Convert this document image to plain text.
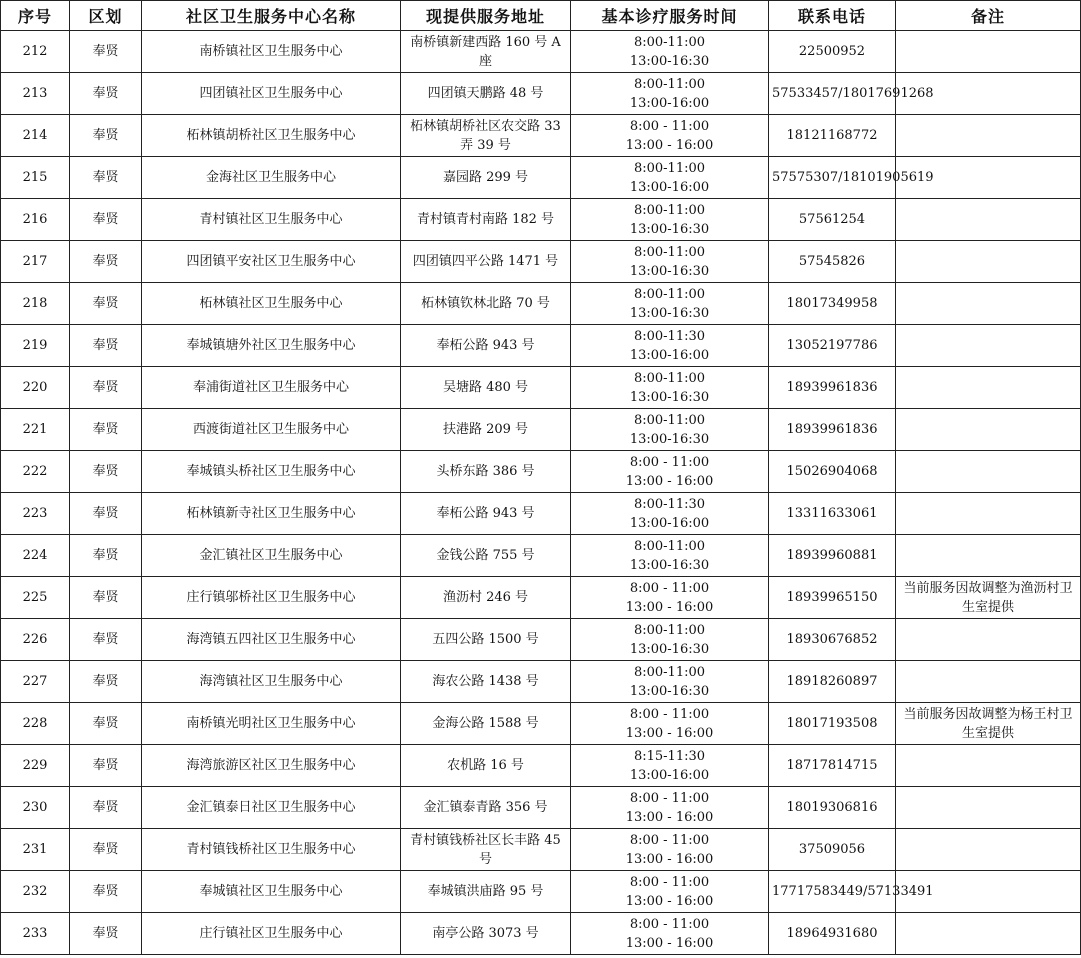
序号	区划	社区卫生服务中心名称	现提供服务地址	基本诊疗服务时间	联系电话	备注
212	奉贤	南桥镇社区卫生服务中心	南桥镇新建西路 160 号 A 座	8:00-11:00
13:00-16:30	22500952	
213	奉贤	四团镇社区卫生服务中心	四团镇天鹏路 48 号	8:00-11:00
13:00-16:00	57533457/18017691268	
214	奉贤	柘林镇胡桥社区卫生服务中心	柘林镇胡桥社区农交路 33 弄 39 号	8:00 - 11:00
13:00 - 16:00	18121168772	
215	奉贤	金海社区卫生服务中心	嘉园路 299 号	8:00-11:00
13:00-16:00	57575307/18101905619	
216	奉贤	青村镇社区卫生服务中心	青村镇青村南路 182 号	8:00-11:00
13:00-16:30	57561254	
217	奉贤	四团镇平安社区卫生服务中心	四团镇四平公路 1471 号	8:00-11:00
13:00-16:30	57545826	
218	奉贤	柘林镇社区卫生服务中心	柘林镇钦林北路 70 号	8:00-11:00
13:00-16:30	18017349958	
219	奉贤	奉城镇塘外社区卫生服务中心	奉柘公路 943 号	8:00-11:30
13:00-16:00	13052197786	
220	奉贤	奉浦街道社区卫生服务中心	吴塘路 480 号	8:00-11:00
13:00-16:30	18939961836	
221	奉贤	西渡街道社区卫生服务中心	扶港路 209 号	8:00-11:00
13:00-16:30	18939961836	
222	奉贤	奉城镇头桥社区卫生服务中心	头桥东路 386 号	8:00 - 11:00
13:00 - 16:00	15026904068	
223	奉贤	柘林镇新寺社区卫生服务中心	奉柘公路 943 号	8:00-11:30
13:00-16:00	13311633061	
224	奉贤	金汇镇社区卫生服务中心	金钱公路 755 号	8:00-11:00
13:00-16:30	18939960881	
225	奉贤	庄行镇邬桥社区卫生服务中心	渔沥村 246 号	8:00 - 11:00
13:00 - 16:00	18939965150	当前服务因故调整为渔沥村卫生室提供
226	奉贤	海湾镇五四社区卫生服务中心	五四公路 1500 号	8:00-11:00
13:00-16:30	18930676852	
227	奉贤	海湾镇社区卫生服务中心	海农公路 1438 号	8:00-11:00
13:00-16:30	18918260897	
228	奉贤	南桥镇光明社区卫生服务中心	金海公路 1588 号	8:00 - 11:00
13:00 - 16:00	18017193508	当前服务因故调整为杨王村卫生室提供
229	奉贤	海湾旅游区社区卫生服务中心	农机路 16 号	8:15-11:30
13:00-16:00	18717814715	
230	奉贤	金汇镇泰日社区卫生服务中心	金汇镇泰青路 356 号	8:00 - 11:00
13:00 - 16:00	18019306816	
231	奉贤	青村镇钱桥社区卫生服务中心	青村镇钱桥社区长丰路 45 号	8:00 - 11:00
13:00 - 16:00	37509056	
232	奉贤	奉城镇社区卫生服务中心	奉城镇洪庙路 95 号	8:00 - 11:00
13:00 - 16:00	17717583449/57133491	
233	奉贤	庄行镇社区卫生服务中心	南亭公路 3073 号	8:00 - 11:00
13:00 - 16:00	18964931680	
